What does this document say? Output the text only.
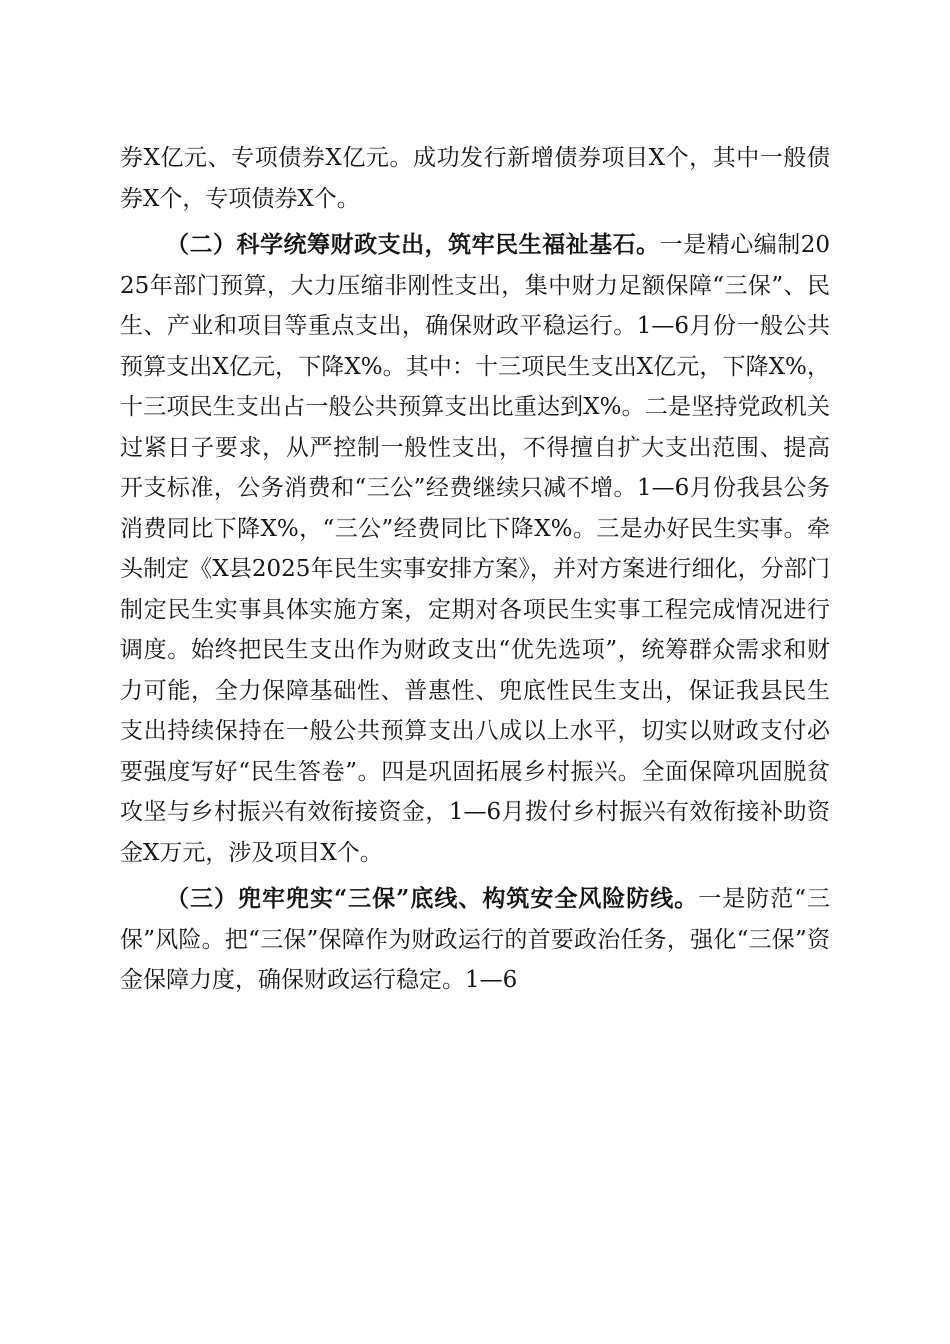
券X亿元、专项债券X亿元。成功发行新增债券项目X个，其中一般债券X个，专项债券X个。

（二）科学统筹财政支出，筑牢民生福祉基石。一是精心编制2025年部门预算，大力压缩非刚性支出，集中财力足额保障“三保”、民生、产业和项目等重点支出，确保财政平稳运行。1—6月份一般公共预算支出X亿元，下降X%。其中：十三项民生支出X亿元，下降X%，十三项民生支出占一般公共预算支出比重达到X%。二是坚持党政机关过紧日子要求，从严控制一般性支出，不得擅自扩大支出范围、提高开支标准，公务消费和“三公”经费继续只减不增。1—6月份我县公务消费同比下降X%，“三公”经费同比下降X%。三是办好民生实事。牵头制定《X县2025年民生实事安排方案》，并对方案进行细化，分部门制定民生实事具体实施方案，定期对各项民生实事工程完成情况进行调度。始终把民生支出作为财政支出“优先选项”，统筹群众需求和财力可能，全力保障基础性、普惠性、兜底性民生支出，保证我县民生支出持续保持在一般公共预算支出八成以上水平，切实以财政支付必要强度写好“民生答卷”。四是巩固拓展乡村振兴。全面保障巩固脱贫攻坚与乡村振兴有效衔接资金，1—6月拨付乡村振兴有效衔接补助资金X万元，涉及项目X个。

（三）兜牢兜实“三保”底线、构筑安全风险防线。一是防范“三保”风险。把“三保”保障作为财政运行的首要政治任务，强化“三保”资金保障力度，确保财政运行稳定。1—6
